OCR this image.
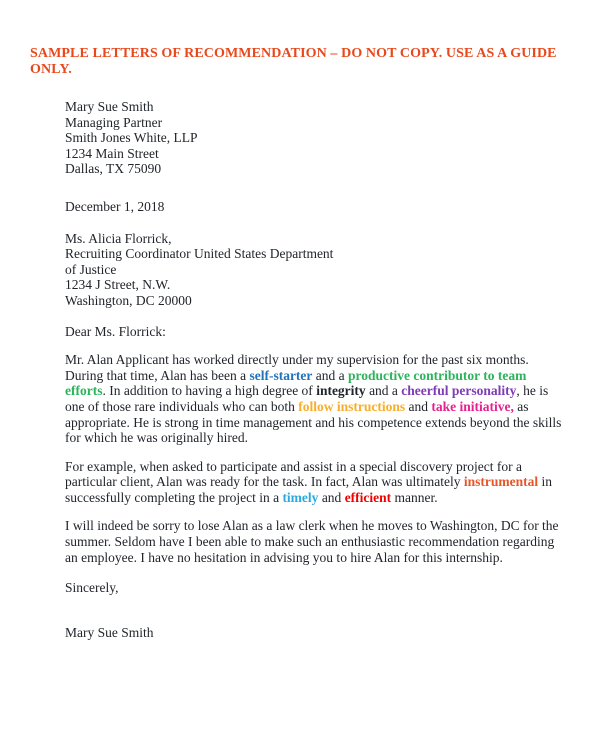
SAMPLE LETTERS OF RECOMMENDATION – DO NOT COPY. USE AS A GUIDE ONLY.
Mary Sue Smith
Managing Partner
Smith Jones White, LLP
1234 Main Street
Dallas, TX 75090
December 1, 2018
Ms. Alicia Florrick,
Recruiting Coordinator United States Department
of Justice
1234 J Street, N.W.
Washington, DC 20000
Dear Ms. Florrick:

Mr. Alan Applicant has worked directly under my supervision for the past six months. During that time, Alan has been a self-starter and a productive contributor to team efforts. In addition to having a high degree of integrity and a cheerful personality, he is one of those rare individuals who can both follow instructions and take initiative, as appropriate. He is strong in time management and his competence extends beyond the skills for which he was originally hired.

For example, when asked to participate and assist in a special discovery project for a particular client, Alan was ready for the task. In fact, Alan was ultimately instrumental in successfully completing the project in a timely and efficient manner.

I will indeed be sorry to lose Alan as a law clerk when he moves to Washington, DC for the summer. Seldom have I been able to make such an enthusiastic recommendation regarding an employee. I have no hesitation in advising you to hire Alan for this internship.

Sincerely,
Mary Sue Smith
